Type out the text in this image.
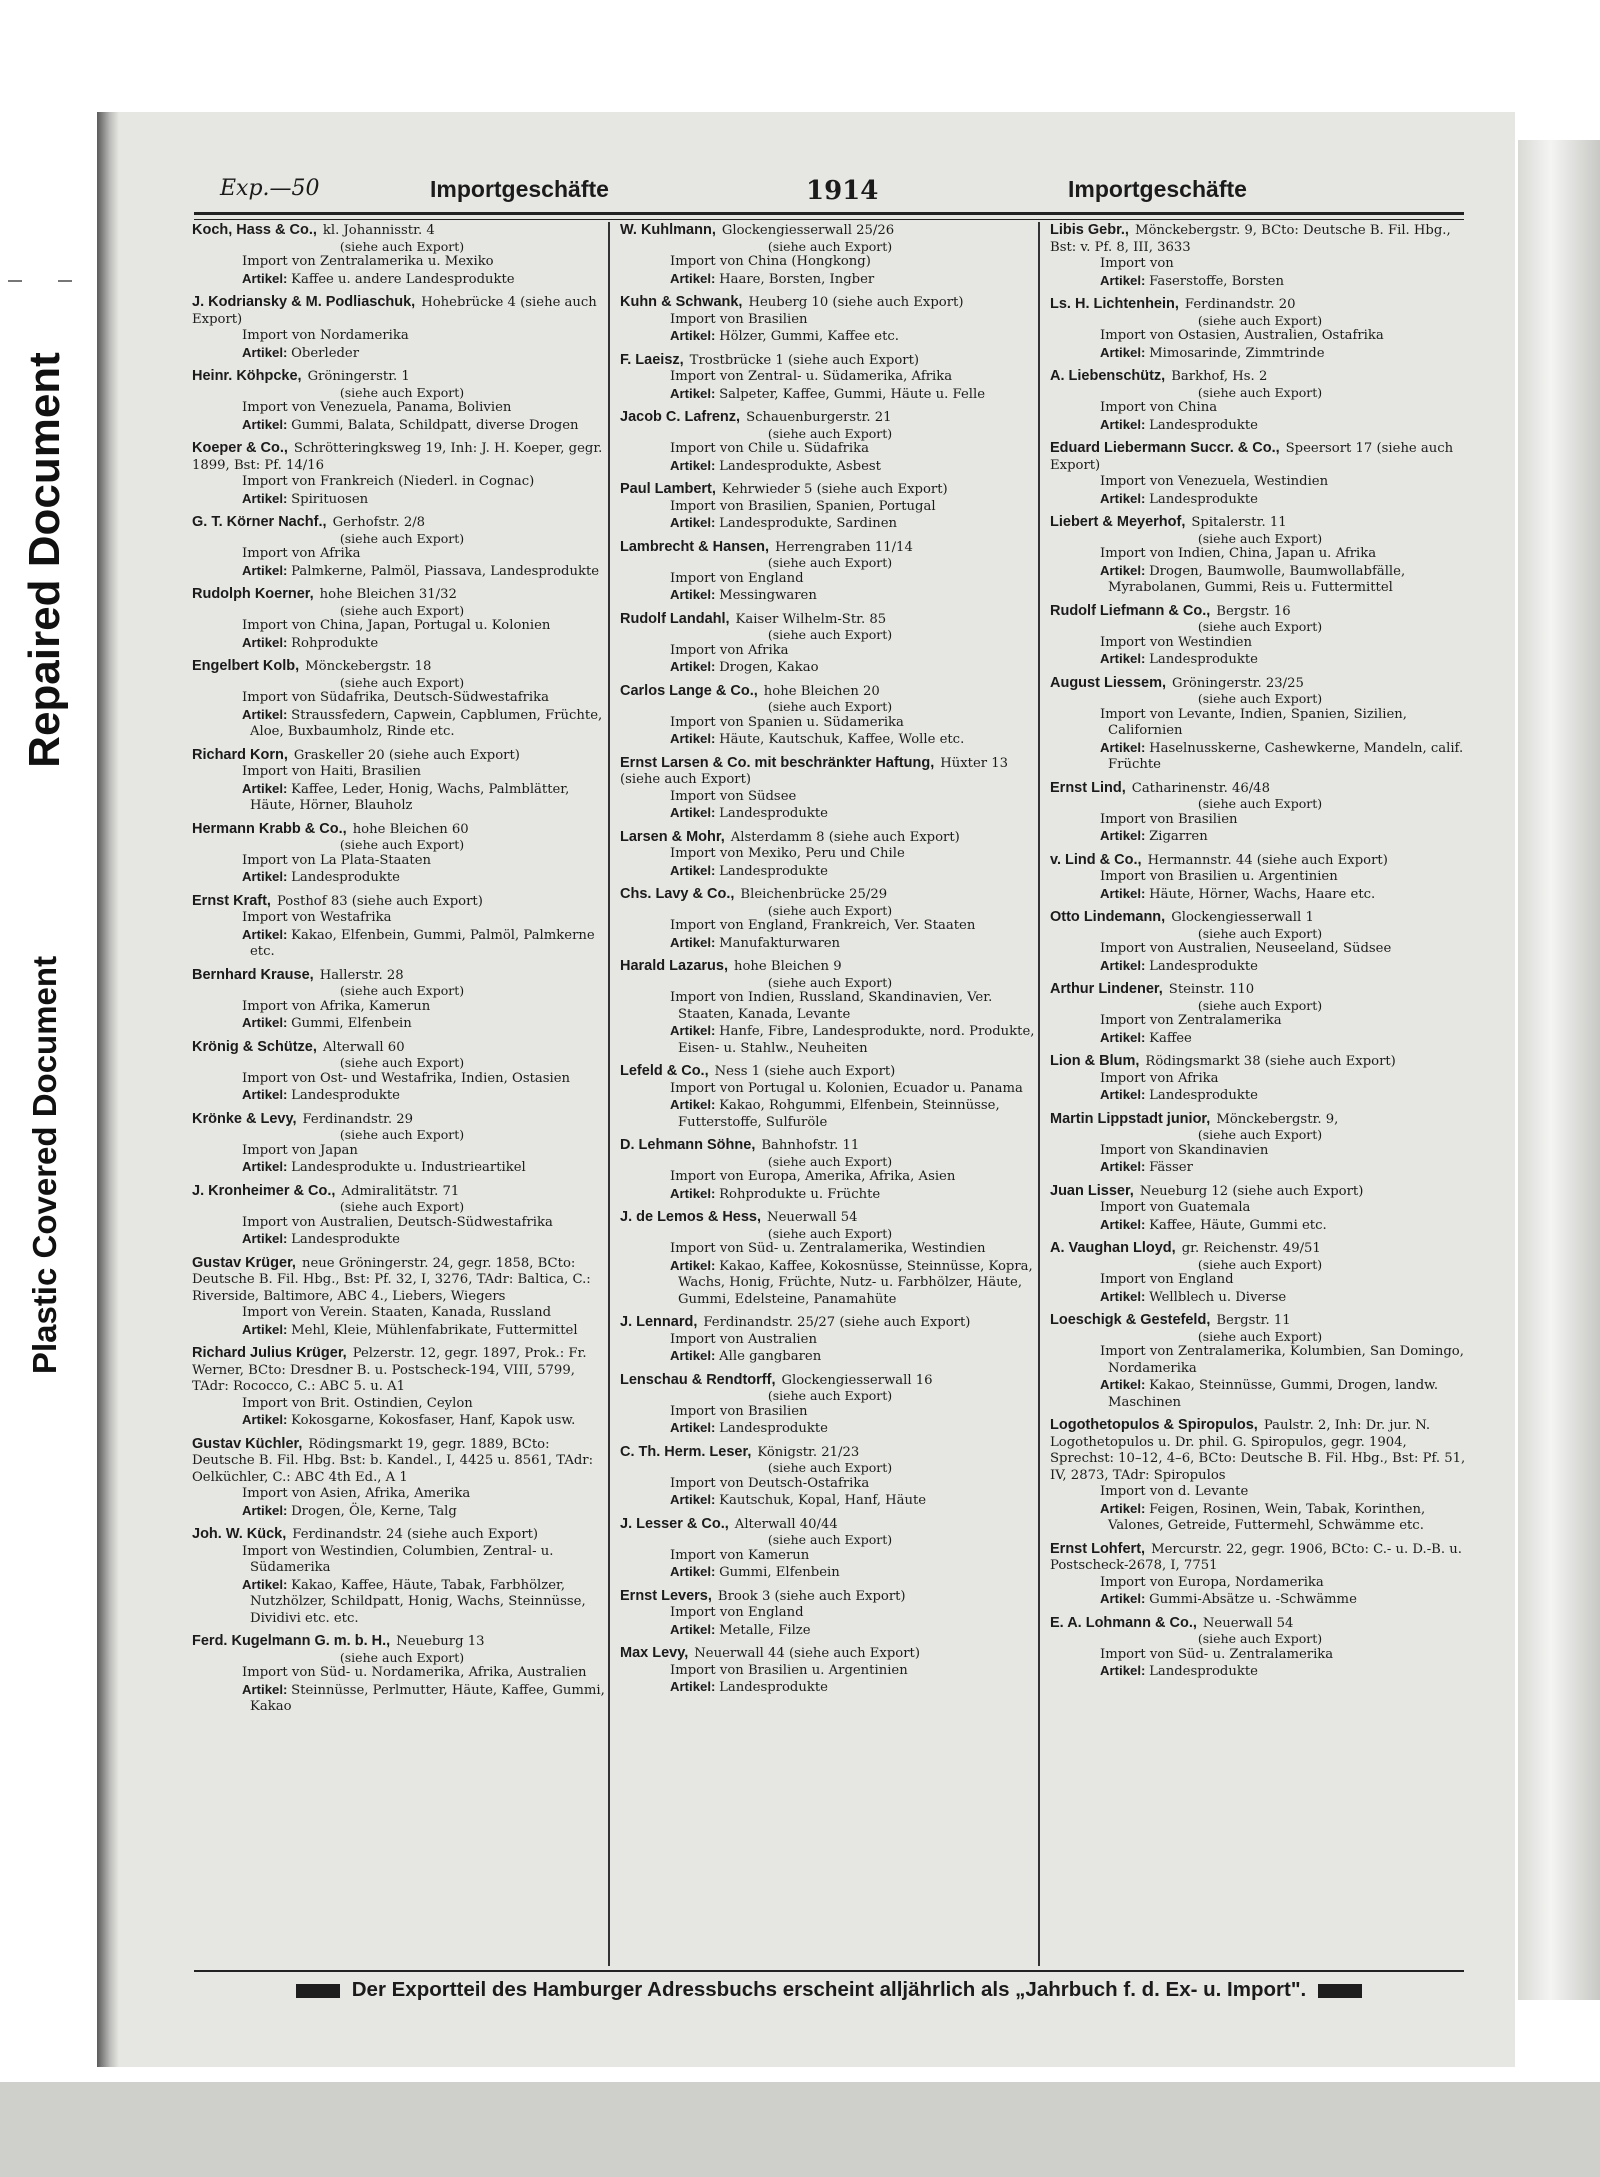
Repaired Document
Plastic Covered Document
Exp.—50	Importgeschäfte	1914	Importgeschäfte
Koch, Hass & Co., kl. Johannisstr. 4
(siehe auch Export)
Import von Zentralamerika u. Mexiko
Artikel: Kaffee u. andere Landesprodukte
J. Kodriansky & M. Podliaschuk, Hohebrücke 4 (siehe auch Export)
Import von Nordamerika
Artikel: Oberleder
Heinr. Köhpcke, Gröningerstr. 1
(siehe auch Export)
Import von Venezuela, Panama, Bolivien
Artikel: Gummi, Balata, Schildpatt, diverse Drogen
Koeper & Co., Schrötteringksweg 19, Inh: J. H. Koeper, gegr. 1899, Bst: Pf. 14/16
Import von Frankreich (Niederl. in Cognac)
Artikel: Spirituosen
G. T. Körner Nachf., Gerhofstr. 2/8
(siehe auch Export)
Import von Afrika
Artikel: Palmkerne, Palmöl, Piassava, Landesprodukte
Rudolph Koerner, hohe Bleichen 31/32
(siehe auch Export)
Import von China, Japan, Portugal u. Kolonien
Artikel: Rohprodukte
Engelbert Kolb, Mönckebergstr. 18
(siehe auch Export)
Import von Südafrika, Deutsch-Südwestafrika
Artikel: Straussfedern, Capwein, Capblumen, Früchte, Aloe, Buxbaumholz, Rinde etc.
Richard Korn, Graskeller 20 (siehe auch Export)
Import von Haiti, Brasilien
Artikel: Kaffee, Leder, Honig, Wachs, Palmblätter, Häute, Hörner, Blauholz
Hermann Krabb & Co., hohe Bleichen 60
(siehe auch Export)
Import von La Plata-Staaten
Artikel: Landesprodukte
Ernst Kraft, Posthof 83 (siehe auch Export)
Import von Westafrika
Artikel: Kakao, Elfenbein, Gummi, Palmöl, Palmkerne etc.
Bernhard Krause, Hallerstr. 28
(siehe auch Export)
Import von Afrika, Kamerun
Artikel: Gummi, Elfenbein
Krönig & Schütze, Alterwall 60
(siehe auch Export)
Import von Ost- und Westafrika, Indien, Ostasien
Artikel: Landesprodukte
Krönke & Levy, Ferdinandstr. 29
(siehe auch Export)
Import von Japan
Artikel: Landesprodukte u. Industrieartikel
J. Kronheimer & Co., Admiralitätstr. 71
(siehe auch Export)
Import von Australien, Deutsch-Südwestafrika
Artikel: Landesprodukte
Gustav Krüger, neue Gröningerstr. 24, gegr. 1858, BCto: Deutsche B. Fil. Hbg., Bst: Pf. 32, I, 3276, TAdr: Baltica, C.: Riverside, Baltimore, ABC 4., Liebers, Wiegers
Import von Verein. Staaten, Kanada, Russland
Artikel: Mehl, Kleie, Mühlenfabrikate, Futtermittel
Richard Julius Krüger, Pelzerstr. 12, gegr. 1897, Prok.: Fr. Werner, BCto: Dresdner B. u. Postscheck-194, VIII, 5799, TAdr: Rococco, C.: ABC 5. u. A1
Import von Brit. Ostindien, Ceylon
Artikel: Kokosgarne, Kokosfaser, Hanf, Kapok usw.
Gustav Küchler, Rödingsmarkt 19, gegr. 1889, BCto: Deutsche B. Fil. Hbg. Bst: b. Kandel., I, 4425 u. 8561, TAdr: Oelküchler, C.: ABC 4th Ed., A 1
Import von Asien, Afrika, Amerika
Artikel: Drogen, Öle, Kerne, Talg
Joh. W. Kück, Ferdinandstr. 24 (siehe auch Export)
Import von Westindien, Columbien, Zentral- u. Südamerika
Artikel: Kakao, Kaffee, Häute, Tabak, Farbhölzer, Nutzhölzer, Schildpatt, Honig, Wachs, Steinnüsse, Dividivi etc. etc.
Ferd. Kugelmann G. m. b. H., Neueburg 13
(siehe auch Export)
Import von Süd- u. Nordamerika, Afrika, Australien
Artikel: Steinnüsse, Perlmutter, Häute, Kaffee, Gummi, Kakao
W. Kuhlmann, Glockengiesserwall 25/26
(siehe auch Export)
Import von China (Hongkong)
Artikel: Haare, Borsten, Ingber
Kuhn & Schwank, Heuberg 10 (siehe auch Export)
Import von Brasilien
Artikel: Hölzer, Gummi, Kaffee etc.
F. Laeisz, Trostbrücke 1 (siehe auch Export)
Import von Zentral- u. Südamerika, Afrika
Artikel: Salpeter, Kaffee, Gummi, Häute u. Felle
Jacob C. Lafrenz, Schauenburgerstr. 21
(siehe auch Export)
Import von Chile u. Südafrika
Artikel: Landesprodukte, Asbest
Paul Lambert, Kehrwieder 5 (siehe auch Export)
Import von Brasilien, Spanien, Portugal
Artikel: Landesprodukte, Sardinen
Lambrecht & Hansen, Herrengraben 11/14
(siehe auch Export)
Import von England
Artikel: Messingwaren
Rudolf Landahl, Kaiser Wilhelm-Str. 85
(siehe auch Export)
Import von Afrika
Artikel: Drogen, Kakao
Carlos Lange & Co., hohe Bleichen 20
(siehe auch Export)
Import von Spanien u. Südamerika
Artikel: Häute, Kautschuk, Kaffee, Wolle etc.
Ernst Larsen & Co. mit beschränkter Haftung, Hüxter 13 (siehe auch Export)
Import von Südsee
Artikel: Landesprodukte
Larsen & Mohr, Alsterdamm 8 (siehe auch Export)
Import von Mexiko, Peru und Chile
Artikel: Landesprodukte
Chs. Lavy & Co., Bleichenbrücke 25/29
(siehe auch Export)
Import von England, Frankreich, Ver. Staaten
Artikel: Manufakturwaren
Harald Lazarus, hohe Bleichen 9
(siehe auch Export)
Import von Indien, Russland, Skandinavien, Ver. Staaten, Kanada, Levante
Artikel: Hanfe, Fibre, Landesprodukte, nord. Produkte, Eisen- u. Stahlw., Neuheiten
Lefeld & Co., Ness 1 (siehe auch Export)
Import von Portugal u. Kolonien, Ecuador u. Panama
Artikel: Kakao, Rohgummi, Elfenbein, Steinnüsse, Futterstoffe, Sulfuröle
D. Lehmann Söhne, Bahnhofstr. 11
(siehe auch Export)
Import von Europa, Amerika, Afrika, Asien
Artikel: Rohprodukte u. Früchte
J. de Lemos & Hess, Neuerwall 54
(siehe auch Export)
Import von Süd- u. Zentralamerika, Westindien
Artikel: Kakao, Kaffee, Kokosnüsse, Steinnüsse, Kopra, Wachs, Honig, Früchte, Nutz- u. Farbhölzer, Häute, Gummi, Edelsteine, Panamahüte
J. Lennard, Ferdinandstr. 25/27 (siehe auch Export)
Import von Australien
Artikel: Alle gangbaren
Lenschau & Rendtorff, Glockengiesserwall 16
(siehe auch Export)
Import von Brasilien
Artikel: Landesprodukte
C. Th. Herm. Leser, Königstr. 21/23
(siehe auch Export)
Import von Deutsch-Ostafrika
Artikel: Kautschuk, Kopal, Hanf, Häute
J. Lesser & Co., Alterwall 40/44
(siehe auch Export)
Import von Kamerun
Artikel: Gummi, Elfenbein
Ernst Levers, Brook 3 (siehe auch Export)
Import von England
Artikel: Metalle, Filze
Max Levy, Neuerwall 44 (siehe auch Export)
Import von Brasilien u. Argentinien
Artikel: Landesprodukte
Libis Gebr., Mönckebergstr. 9, BCto: Deutsche B. Fil. Hbg., Bst: v. Pf. 8, III, 3633
Import von
Artikel: Faserstoffe, Borsten
Ls. H. Lichtenhein, Ferdinandstr. 20
(siehe auch Export)
Import von Ostasien, Australien, Ostafrika
Artikel: Mimosarinde, Zimmtrinde
A. Liebenschütz, Barkhof, Hs. 2
(siehe auch Export)
Import von China
Artikel: Landesprodukte
Eduard Liebermann Succr. & Co., Speersort 17 (siehe auch Export)
Import von Venezuela, Westindien
Artikel: Landesprodukte
Liebert & Meyerhof, Spitalerstr. 11
(siehe auch Export)
Import von Indien, China, Japan u. Afrika
Artikel: Drogen, Baumwolle, Baumwollabfälle, Myrabolanen, Gummi, Reis u. Futtermittel
Rudolf Liefmann & Co., Bergstr. 16
(siehe auch Export)
Import von Westindien
Artikel: Landesprodukte
August Liessem, Gröningerstr. 23/25
(siehe auch Export)
Import von Levante, Indien, Spanien, Sizilien, Californien
Artikel: Haselnusskerne, Cashewkerne, Mandeln, calif. Früchte
Ernst Lind, Catharinenstr. 46/48
(siehe auch Export)
Import von Brasilien
Artikel: Zigarren
v. Lind & Co., Hermannstr. 44 (siehe auch Export)
Import von Brasilien u. Argentinien
Artikel: Häute, Hörner, Wachs, Haare etc.
Otto Lindemann, Glockengiesserwall 1
(siehe auch Export)
Import von Australien, Neuseeland, Südsee
Artikel: Landesprodukte
Arthur Lindener, Steinstr. 110
(siehe auch Export)
Import von Zentralamerika
Artikel: Kaffee
Lion & Blum, Rödingsmarkt 38 (siehe auch Export)
Import von Afrika
Artikel: Landesprodukte
Martin Lippstadt junior, Mönckebergstr. 9,
(siehe auch Export)
Import von Skandinavien
Artikel: Fässer
Juan Lisser, Neueburg 12 (siehe auch Export)
Import von Guatemala
Artikel: Kaffee, Häute, Gummi etc.
A. Vaughan Lloyd, gr. Reichenstr. 49/51
(siehe auch Export)
Import von England
Artikel: Wellblech u. Diverse
Loeschigk & Gestefeld, Bergstr. 11
(siehe auch Export)
Import von Zentralamerika, Kolumbien, San Domingo, Nordamerika
Artikel: Kakao, Steinnüsse, Gummi, Drogen, landw. Maschinen
Logothetopulos & Spiropulos, Paulstr. 2, Inh: Dr. jur. N. Logothetopulos u. Dr. phil. G. Spiropulos, gegr. 1904, Sprechst: 10–12, 4–6, BCto: Deutsche B. Fil. Hbg., Bst: Pf. 51, IV, 2873, TAdr: Spiropulos
Import von d. Levante
Artikel: Feigen, Rosinen, Wein, Tabak, Korinthen, Valones, Getreide, Futtermehl, Schwämme etc.
Ernst Lohfert, Mercurstr. 22, gegr. 1906, BCto: C.- u. D.-B. u. Postscheck-2678, I, 7751
Import von Europa, Nordamerika
Artikel: Gummi-Absätze u. -Schwämme
E. A. Lohmann & Co., Neuerwall 54
(siehe auch Export)
Import von Süd- u. Zentralamerika
Artikel: Landesprodukte
Der Exportteil des Hamburger Adressbuchs erscheint alljährlich als „Jahrbuch f. d. Ex- u. Import".
